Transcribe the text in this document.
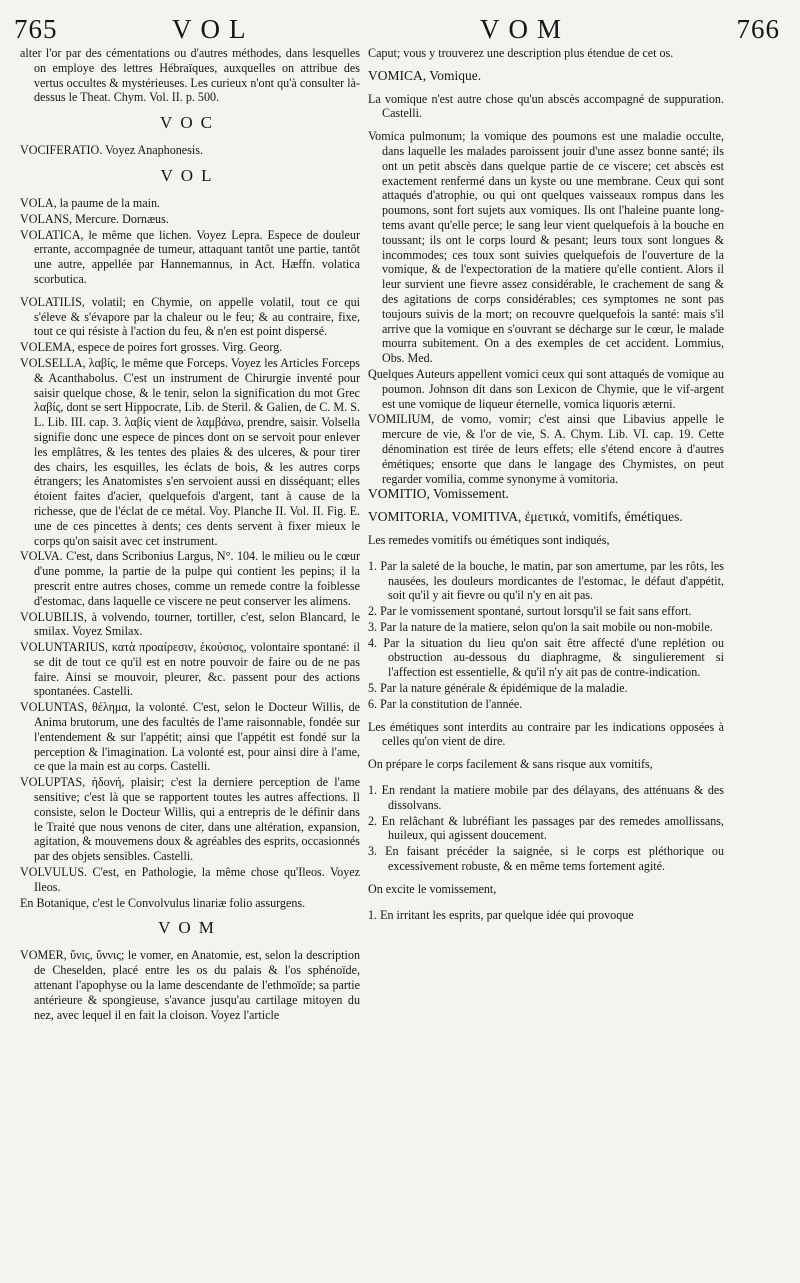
765	VOL	VOM	766

alter l'or par des cémentations ou d'autres méthodes, dans lesquelles on employe des lettres Hébraïques, auxquelles on attribue des vertus occultes & mystérieuses. Les curieux n'ont qu'à consulter là-dessus le Theat. Chym. Vol. II. p. 500.

VOC

VOCIFERATIO. Voyez Anaphonesis.

VOL

VOLA, la paume de la main.

VOLANS, Mercure. Dornæus.

VOLATICA, le même que lichen. Voyez Lepra. Espece de douleur errante, accompagnée de tumeur, attaquant tantôt une partie, tantôt une autre, appellée par Hannemannus, in Act. Hæffn. volatica scorbutica.

VOLATILIS, volatil; en Chymie, on appelle volatil, tout ce qui s'éleve & s'évapore par la chaleur ou le feu; & au contraire, fixe, tout ce qui résiste à l'action du feu, & n'en est point dispersé.

VOLEMA, espece de poires fort grosses. Virg. Georg.

VOLSELLA, λαβίς, le même que Forceps. Voyez les Articles Forceps & Acanthabolus. C'est un instrument de Chirurgie inventé pour saisir quelque chose, & le tenir, selon la signification du mot Grec λαβίς, dont se sert Hippocrate, Lib. de Steril. & Galien, de C. M. S. L. Lib. III. cap. 3. λαβίς vient de λαμβάνω, prendre, saisir. Volsella signifie donc une espece de pinces dont on se servoit pour enlever les emplâtres, & les tentes des plaies & des ulceres, & pour tirer des chairs, les esquilles, les éclats de bois, & les autres corps étrangers; les Anatomistes s'en servoient aussi en disséquant; elles étoient faites d'acier, quelquefois d'argent, tant à cause de la richesse, que de l'éclat de ce métal. Voy. Planche II. Vol. II. Fig. E. une de ces pincettes à dents; ces dents servent à fixer mieux le corps qu'on saisit avec cet instrument.

VOLVA. C'est, dans Scribonius Largus, N°. 104. le milieu ou le cœur d'une pomme, la partie de la pulpe qui contient les pepins; il la prescrit entre autres choses, comme un remede contre la foiblesse d'estomac, dans laquelle ce viscere ne peut conserver les alimens.

VOLUBILIS, à volvendo, tourner, tortiller, c'est, selon Blancard, le smilax. Voyez Smilax.

VOLUNTARIUS, κατὰ προαίρεσιν, ἑκούσιος, volontaire spontané: il se dit de tout ce qu'il est en notre pouvoir de faire ou de ne pas faire. Ainsi se mouvoir, pleurer, &c. passent pour des actions spontanées. Castelli.

VOLUNTAS, θέλημα, la volonté. C'est, selon le Docteur Willis, de Anima brutorum, une des facultés de l'ame raisonnable, fondée sur l'entendement & sur l'appétit; ainsi que l'appétit est fondé sur la perception & l'imagination. La volonté est, pour ainsi dire à l'ame, ce que la main est au corps. Castelli.

VOLUPTAS, ἡδονή, plaisir; c'est la derniere perception de l'ame sensitive; c'est là que se rapportent toutes les autres affections. Il consiste, selon le Docteur Willis, qui a entrepris de le définir dans le Traité que nous venons de citer, dans une altération, expansion, agitation, & mouvemens doux & agréables des esprits, occasionnés par des objets sensibles. Castelli.

VOLVULUS. C'est, en Pathologie, la même chose qu'Ileos. Voyez Ileos.

En Botanique, c'est le Convolvulus linariæ folio assurgens.

VOM

VOMER, ὕνις, ὕννις; le vomer, en Anatomie, est, selon la description de Cheselden, placé entre les os du palais & l'os sphénoïde, attenant l'apophyse ou la lame descendante de l'ethmoïde; sa partie antérieure & spongieuse, s'avance jusqu'au cartilage mitoyen du nez, avec lequel il en fait la cloison. Voyez l'article

Caput; vous y trouverez une description plus étendue de cet os.

VOMICA, Vomique.

La vomique n'est autre chose qu'un abscès accompagné de suppuration. Castelli.

Vomica pulmonum; la vomique des poumons est une maladie occulte, dans laquelle les malades paroissent jouir d'une assez bonne santé; ils ont un petit abscès dans quelque partie de ce viscere; cet abscès est exactement renfermé dans un kyste ou une membrane. Ceux qui sont attaqués d'atrophie, ou qui ont quelques vaisseaux rompus dans les poumons, sont fort sujets aux vomiques. Ils ont l'haleine puante long-tems avant qu'elle perce; le sang leur vient quelquefois à la bouche en toussant; ils ont le corps lourd & pesant; leurs toux sont longues & incommodes; ces toux sont suivies quelquefois de l'ouverture de la vomique, & de l'expectoration de la matiere qu'elle contient. Alors il leur survient une fievre assez considérable, le crachement de sang & des agitations de corps considérables; ces symptomes ne sont pas toujours suivis de la mort; on recouvre quelquefois la santé: mais s'il arrive que la vomique en s'ouvrant se décharge sur le cœur, le malade mourra subitement. On a des exemples de cet accident. Lommius, Obs. Med.

Quelques Auteurs appellent vomici ceux qui sont attaqués de vomique au poumon. Johnson dit dans son Lexicon de Chymie, que le vif-argent est une vomique de liqueur éternelle, vomica liquoris æterni.

VOMILIUM, de vomo, vomir; c'est ainsi que Libavius appelle le mercure de vie, & l'or de vie, S. A. Chym. Lib. VI. cap. 19. Cette dénomination est tirée de leurs effets; elle s'étend encore à d'autres émétiques; ensorte que dans le langage des Chymistes, on peut regarder vomilia, comme synonyme à vomitoria.

VOMITIO, Vomissement.

VOMITORIA, VOMITIVA, ἐμετικά, vomitifs, émétiques.

Les remedes vomitifs ou émétiques sont indiqués,

1. Par la saleté de la bouche, le matin, par son amertume, par les rôts, les nausées, les douleurs mordicantes de l'estomac, le défaut d'appétit, soit qu'il y ait fievre ou qu'il n'y en ait pas.

2. Par le vomissement spontané, surtout lorsqu'il se fait sans effort.

3. Par la nature de la matiere, selon qu'on la sait mobile ou non-mobile.

4. Par la situation du lieu qu'on sait être affecté d'une replétion ou obstruction au-dessous du diaphragme, & singulierement si l'affection est essentielle, & qu'il n'y ait pas de contre-indication.

5. Par la nature générale & épidémique de la maladie.

6. Par la constitution de l'année.

Les émétiques sont interdits au contraire par les indications opposées à celles qu'on vient de dire.

On prépare le corps facilement & sans risque aux vomitifs,

1. En rendant la matiere mobile par des délayans, des atténuans & des dissolvans.

2. En relâchant & lubréfiant les passages par des remedes amollissans, huileux, qui agissent doucement.

3. En faisant précéder la saignée, si le corps est pléthorique ou excessivement robuste, & en même tems fortement agité.

On excite le vomissement,

1. En irritant les esprits, par quelque idée qui provoque
